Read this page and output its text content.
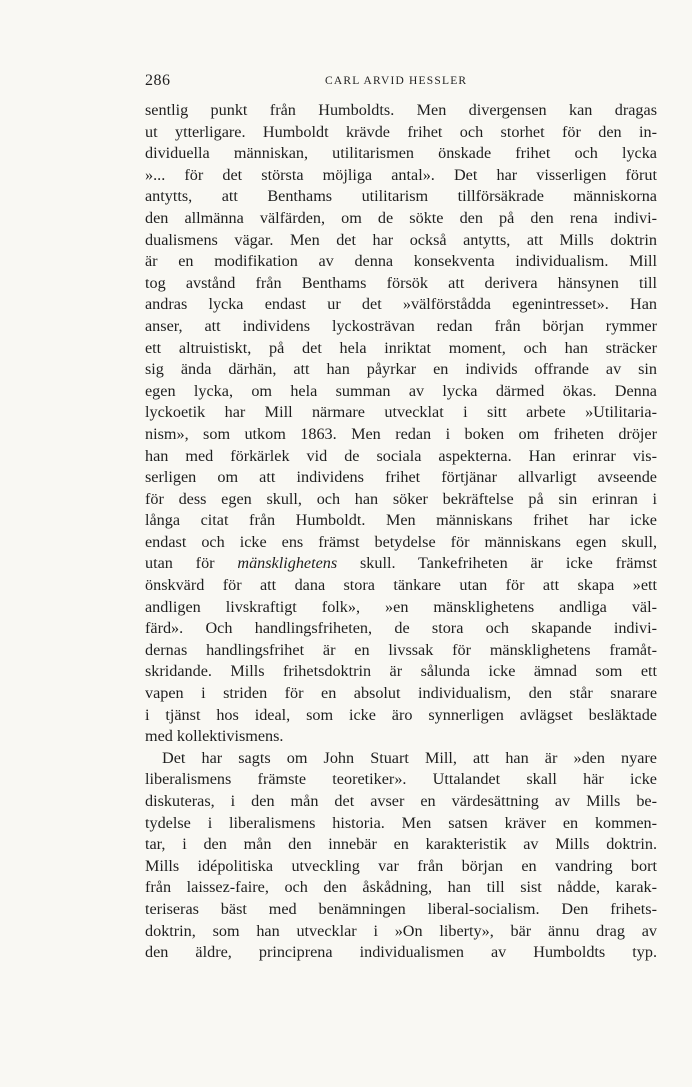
286	CARL ARVID HESSLER
sentlig punkt från Humboldts. Men divergensen kan dragas
ut ytterligare. Humboldt krävde frihet och storhet för den in-
dividuella människan, utilitarismen önskade frihet och lycka
»... för det största möjliga antal». Det har visserligen förut
antytts, att Benthams utilitarism tillförsäkrade människorna
den allmänna välfärden, om de sökte den på den rena indivi-
dualismens vägar. Men det har också antytts, att Mills doktrin
är en modifikation av denna konsekventa individualism. Mill
tog avstånd från Benthams försök att derivera hänsynen till
andras lycka endast ur det »välförstådda egenintresset». Han
anser, att individens lyckosträvan redan från början rymmer
ett altruistiskt, på det hela inriktat moment, och han sträcker
sig ända därhän, att han påyrkar en individs offrande av sin
egen lycka, om hela summan av lycka därmed ökas. Denna
lyckoetik har Mill närmare utvecklat i sitt arbete »Utilitaria-
nism», som utkom 1863. Men redan i boken om friheten dröjer
han med förkärlek vid de sociala aspekterna. Han erinrar vis-
serligen om att individens frihet förtjänar allvarligt avseende
för dess egen skull, och han söker bekräftelse på sin erinran i
långa citat från Humboldt. Men människans frihet har icke
endast och icke ens främst betydelse för människans egen skull,
utan för mänsklighetens skull. Tankefriheten är icke främst
önskvärd för att dana stora tänkare utan för att skapa »ett
andligen livskraftigt folk», »en mänsklighetens andliga väl-
färd». Och handlingsfriheten, de stora och skapande indivi-
dernas handlingsfrihet är en livssak för mänsklighetens framåt-
skridande. Mills frihetsdoktrin är sålunda icke ämnad som ett
vapen i striden för en absolut individualism, den står snarare
i tjänst hos ideal, som icke äro synnerligen avlägset besläktade
med kollektivismens.
Det har sagts om John Stuart Mill, att han är »den nyare
liberalismens främste teoretiker». Uttalandet skall här icke
diskuteras, i den mån det avser en värdesättning av Mills be-
tydelse i liberalismens historia. Men satsen kräver en kommen-
tar, i den mån den innebär en karakteristik av Mills doktrin.
Mills idépolitiska utveckling var från början en vandring bort
från laissez-faire, och den åskådning, han till sist nådde, karak-
teriseras bäst med benämningen liberal-socialism. Den frihets-
doktrin, som han utvecklar i »On liberty», bär ännu drag av
den äldre, principrena individualismen av Humboldts typ.
